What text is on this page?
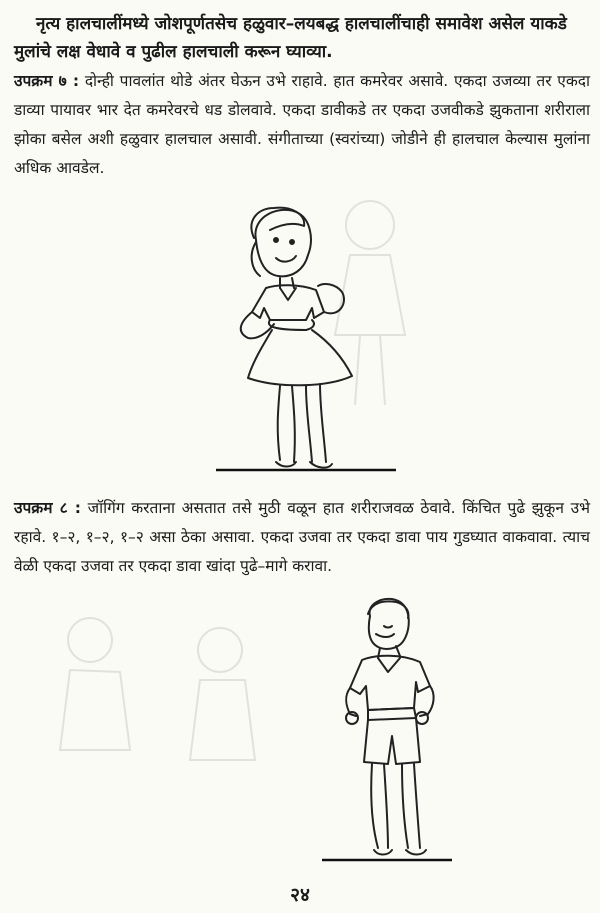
नृत्य हालचालींमध्ये जोशपूर्णतसेच हळुवार–लयबद्ध हालचालींचाही समावेश असेल याकडे मुलांचे लक्ष वेधावे व पुढील हालचाली करून घ्याव्या.

उपक्रम ७ : दोन्ही पावलांत थोडे अंतर घेऊन उभे राहावे. हात कमरेवर असावे. एकदा उजव्या तर एकदा डाव्या पायावर भार देत कमरेवरचे धड डोलवावे. एकदा डावीकडे तर एकदा उजवीकडे झुकताना शरीराला झोका बसेल अशी हळुवार हालचाल असावी. संगीताच्या (स्वरांच्या) जोडीने ही हालचाल केल्यास मुलांना अधिक आवडेल.

उपक्रम ८ : जॉगिंग करताना असतात तसे मुठी वळून हात शरीराजवळ ठेवावे. किंचित पुढे झुकून उभे रहावे. १–२, १–२, १–२ असा ठेका असावा. एकदा उजवा तर एकदा डावा पाय गुडघ्यात वाकवावा. त्याच वेळी एकदा उजवा तर एकदा डावा खांदा पुढे–मागे करावा.

२४
